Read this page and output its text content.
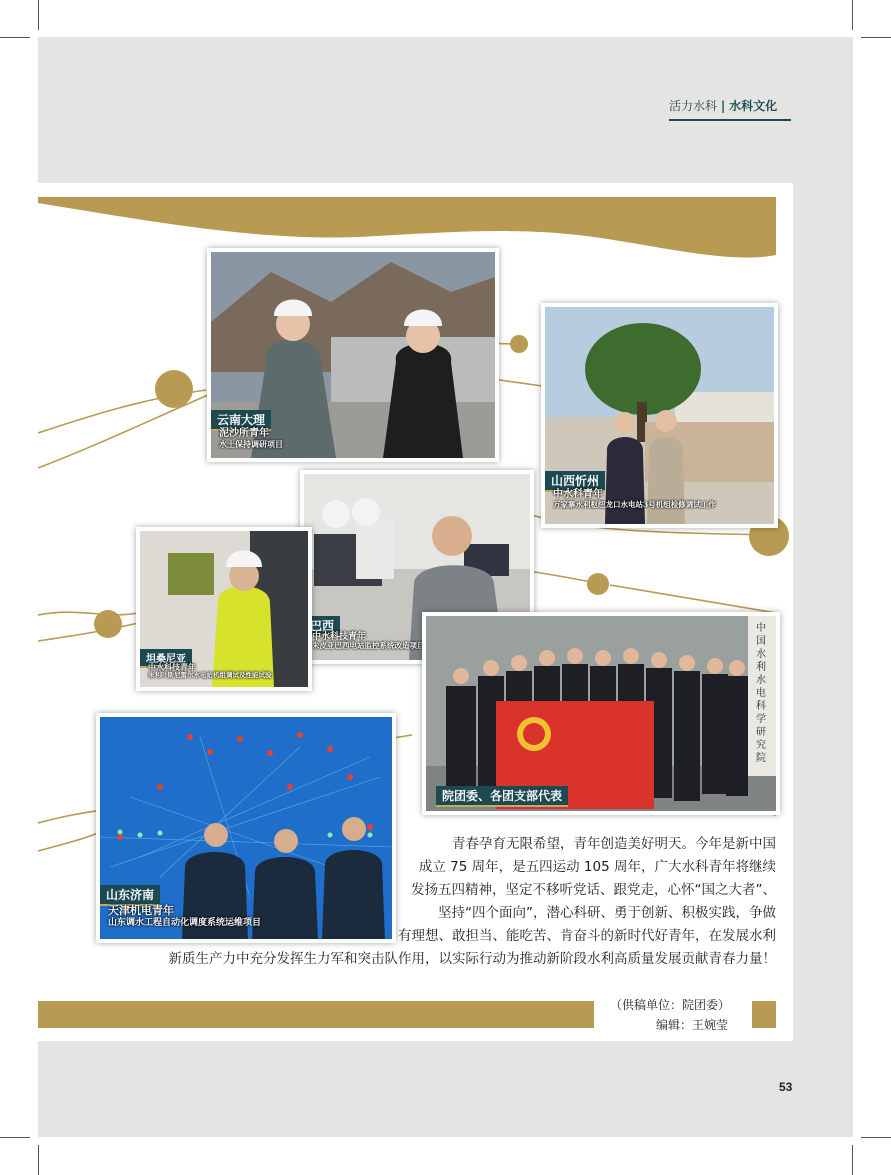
活力水科 | 水科文化
云南大理
泥沙所青年
水土保持调研项目
山西忻州
中水科青年
万家寨水利枢纽龙口水电站3号机组检修调试工作
巴西
中水科技青年
朱皮亚巴西电站监控系统改造项目
坦桑尼亚
中水科技青年
朱利叶斯尼雷尔水电站机组调试及性能试验
中国水利水电科学研究院
院团委、各团支部代表
山东济南
天津机电青年
山东调水工程自动化调度系统运维项目
青春孕育无限希望，青年创造美好明天。今年是新中国
成立 75 周年，是五四运动 105 周年，广大水科青年将继续
发扬五四精神，坚定不移听党话、跟党走，心怀“国之大者”、
坚持“四个面向”，潜心科研、勇于创新、积极实践，争做
有理想、敢担当、能吃苦、肯奋斗的新时代好青年，在发展水利
新质生产力中充分发挥生力军和突击队作用，以实际行动为推动新阶段水利高质量发展贡献青春力量！
（供稿单位：院团委）
编辑：王婉莹
53
